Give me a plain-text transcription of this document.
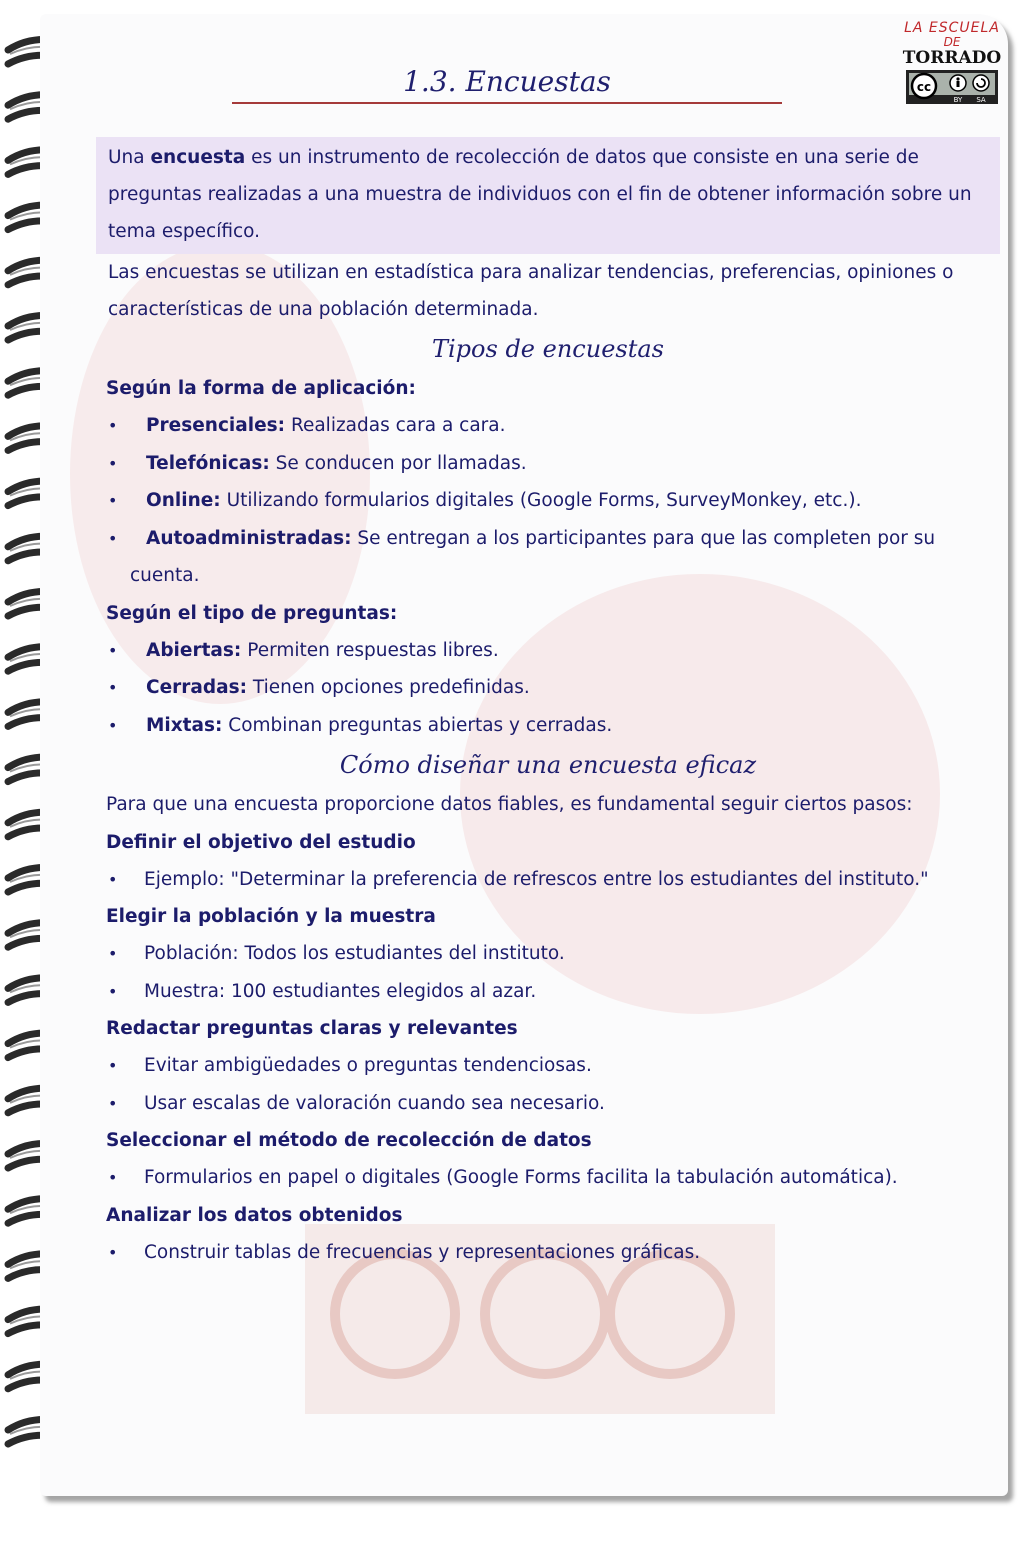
1.3. Encuestas
LA ESCUELA
DE
TORRADO
cc
BY SA
Una encuesta es un instrumento de recolección de datos que consiste en una serie de preguntas realizadas a una muestra de individuos con el fin de obtener información sobre un tema específico.
Las encuestas se utilizan en estadística para analizar tendencias, preferencias, opiniones o características de una población determinada.
Tipos de encuestas
Según la forma de aplicación:
• Presenciales: Realizadas cara a cara.
• Telefónicas: Se conducen por llamadas.
• Online: Utilizando formularios digitales (Google Forms, SurveyMonkey, etc.).
• Autoadministradas: Se entregan a los participantes para que las completen por su
cuenta.
Según el tipo de preguntas:
• Abiertas: Permiten respuestas libres.
• Cerradas: Tienen opciones predefinidas.
• Mixtas: Combinan preguntas abiertas y cerradas.
Cómo diseñar una encuesta eficaz
Para que una encuesta proporcione datos fiables, es fundamental seguir ciertos pasos:
Definir el objetivo del estudio
• Ejemplo: "Determinar la preferencia de refrescos entre los estudiantes del instituto."
Elegir la población y la muestra
• Población: Todos los estudiantes del instituto.
• Muestra: 100 estudiantes elegidos al azar.
Redactar preguntas claras y relevantes
• Evitar ambigüedades o preguntas tendenciosas.
• Usar escalas de valoración cuando sea necesario.
Seleccionar el método de recolección de datos
• Formularios en papel o digitales (Google Forms facilita la tabulación automática).
Analizar los datos obtenidos
• Construir tablas de frecuencias y representaciones gráficas.
